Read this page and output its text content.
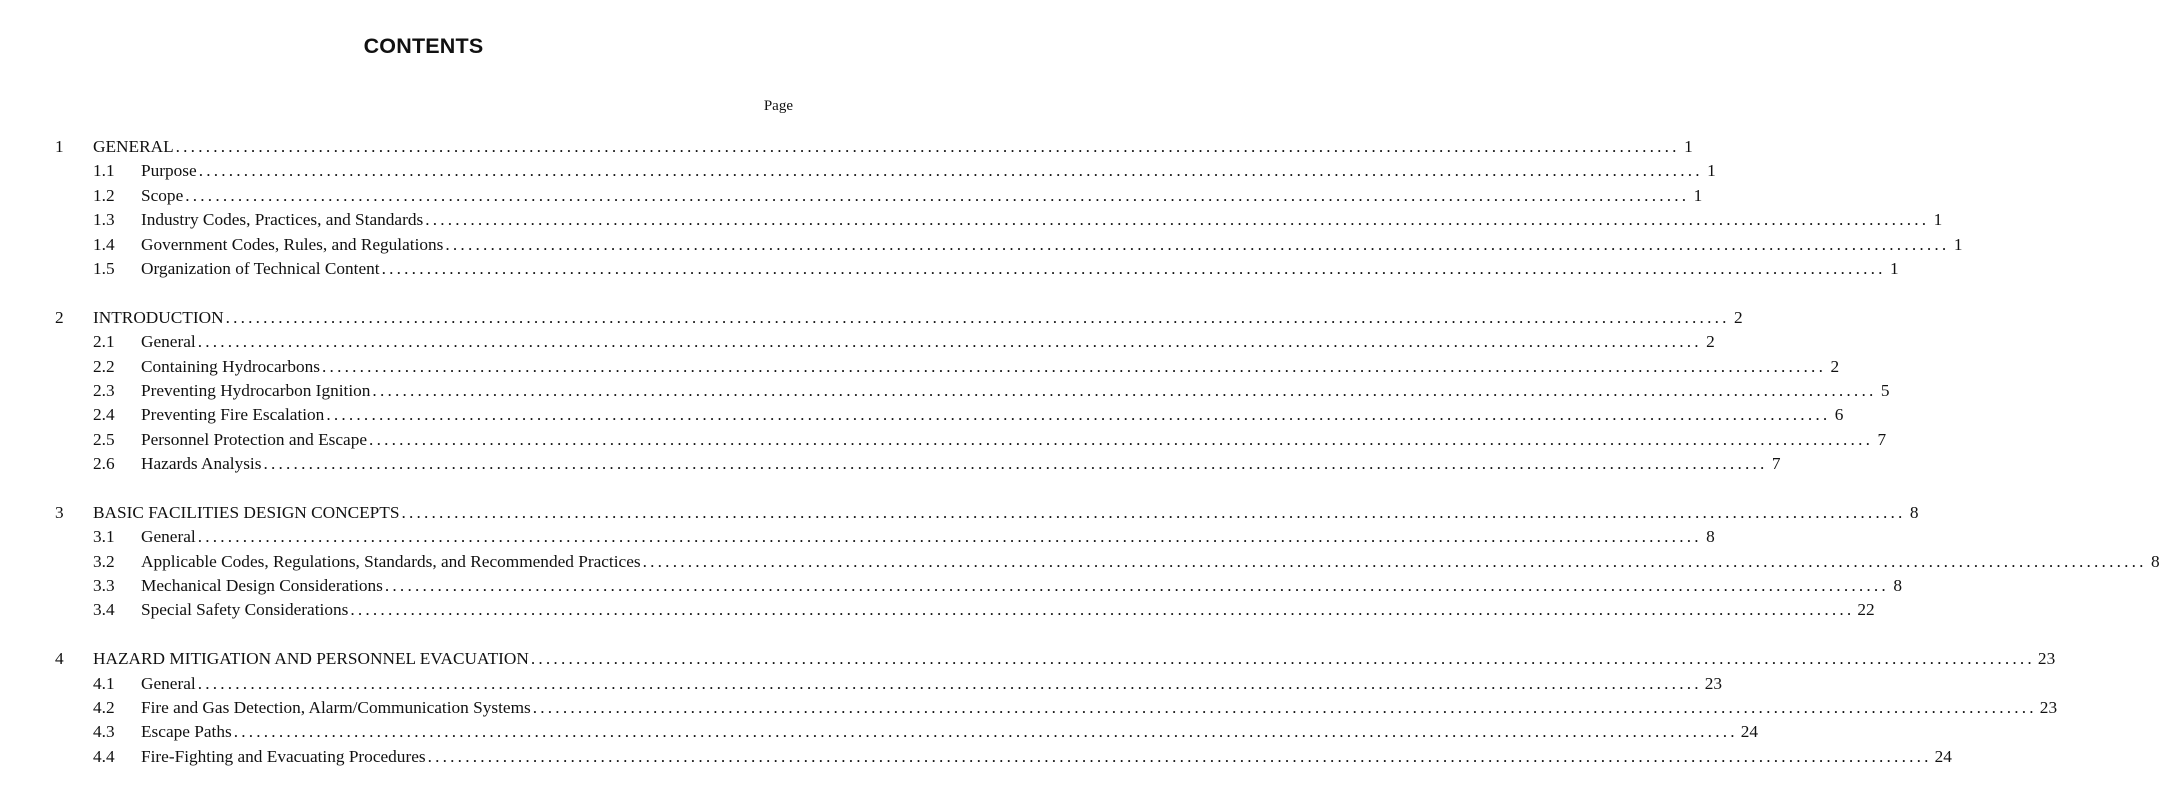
CONTENTS
Page
1	GENERAL ........................................................................................................................................................................................................ 1
1.1	Purpose ........................................................................................................................................................................................................ 1
1.2	Scope ........................................................................................................................................................................................................ 1
1.3	Industry Codes, Practices, and Standards ........................................................................................................................................................................................................ 1
1.4	Government Codes, Rules, and Regulations ........................................................................................................................................................................................................ 1
1.5	Organization of Technical Content ........................................................................................................................................................................................................ 1
2	INTRODUCTION ........................................................................................................................................................................................................ 2
2.1	General ........................................................................................................................................................................................................ 2
2.2	Containing Hydrocarbons ........................................................................................................................................................................................................ 2
2.3	Preventing Hydrocarbon Ignition ........................................................................................................................................................................................................ 5
2.4	Preventing Fire Escalation ........................................................................................................................................................................................................ 6
2.5	Personnel Protection and Escape ........................................................................................................................................................................................................ 7
2.6	Hazards Analysis ........................................................................................................................................................................................................ 7
3	BASIC FACILITIES DESIGN CONCEPTS ........................................................................................................................................................................................................ 8
3.1	General ........................................................................................................................................................................................................ 8
3.2	Applicable Codes, Regulations, Standards, and Recommended Practices ........................................................................................................................................................................................................ 8
3.3	Mechanical Design Considerations ........................................................................................................................................................................................................ 8
3.4	Special Safety Considerations ........................................................................................................................................................................................................ 22
4	HAZARD MITIGATION AND PERSONNEL EVACUATION ........................................................................................................................................................................................................ 23
4.1	General ........................................................................................................................................................................................................ 23
4.2	Fire and Gas Detection, Alarm/Communication Systems ........................................................................................................................................................................................................ 23
4.3	Escape Paths ........................................................................................................................................................................................................ 24
4.4	Fire-Fighting and Evacuating Procedures ........................................................................................................................................................................................................ 24
